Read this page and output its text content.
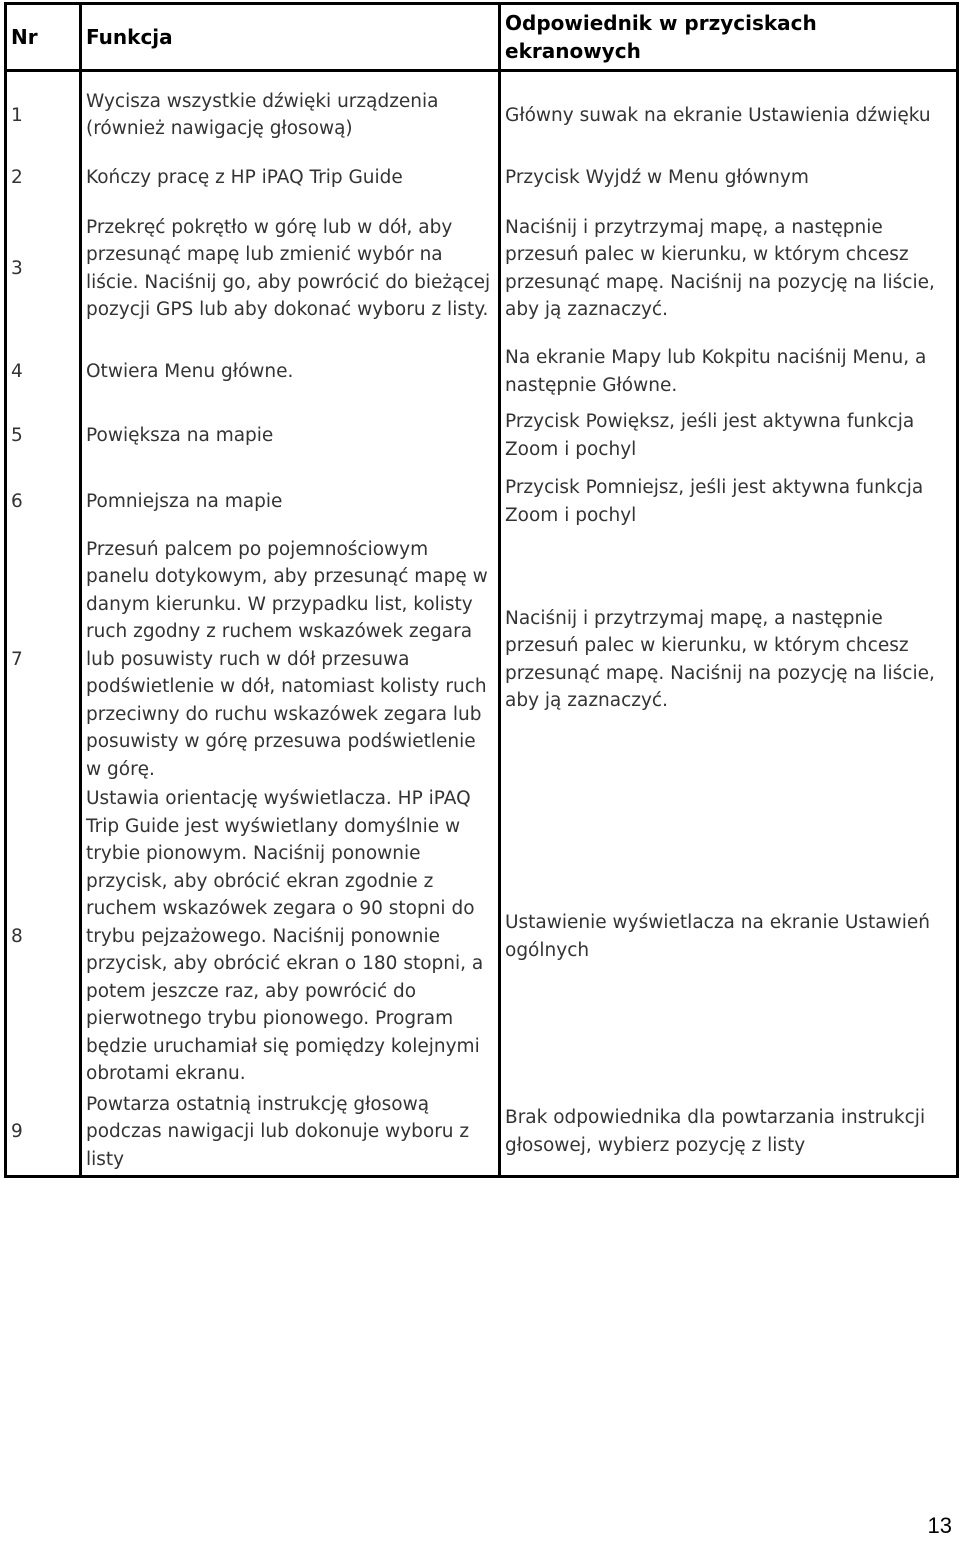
Nr	Funkcja	Odpowiednik w przyciskach ekranowych
1	Wycisza wszystkie dźwięki urządzenia (również nawigację głosową)	Główny suwak na ekranie Ustawienia dźwięku
2	Kończy pracę z HP iPAQ Trip Guide	Przycisk Wyjdź w Menu głównym
3	Przekręć pokrętło w górę lub w dół, aby przesunąć mapę lub zmienić wybór na liście. Naciśnij go, aby powrócić do bieżącej pozycji GPS lub aby dokonać wyboru z listy.	Naciśnij i przytrzymaj mapę, a następnie przesuń palec w kierunku, w którym chcesz przesunąć mapę. Naciśnij na pozycję na liście, aby ją zaznaczyć.
4	Otwiera Menu główne.	Na ekranie Mapy lub Kokpitu naciśnij Menu, a następnie Główne.
5	Powiększa na mapie	Przycisk Powiększ, jeśli jest aktywna funkcja Zoom i pochyl
6	Pomniejsza na mapie	Przycisk Pomniejsz, jeśli jest aktywna funkcja Zoom i pochyl
7	Przesuń palcem po pojemnościowym panelu dotykowym, aby przesunąć mapę w danym kierunku. W przypadku list, kolisty ruch zgodny z ruchem wskazówek zegara lub posuwisty ruch w dół przesuwa podświetlenie w dół, natomiast kolisty ruch przeciwny do ruchu wskazówek zegara lub posuwisty w górę przesuwa podświetlenie w górę.	Naciśnij i przytrzymaj mapę, a następnie przesuń palec w kierunku, w którym chcesz przesunąć mapę. Naciśnij na pozycję na liście, aby ją zaznaczyć.
8	Ustawia orientację wyświetlacza. HP iPAQ Trip Guide jest wyświetlany domyślnie w trybie pionowym. Naciśnij ponownie przycisk, aby obrócić ekran zgodnie z ruchem wskazówek zegara o 90 stopni do trybu pejzażowego. Naciśnij ponownie przycisk, aby obrócić ekran o 180 stopni, a potem jeszcze raz, aby powrócić do pierwotnego trybu pionowego. Program będzie uruchamiał się pomiędzy kolejnymi obrotami ekranu.	Ustawienie wyświetlacza na ekranie Ustawień ogólnych
9	Powtarza ostatnią instrukcję głosową podczas nawigacji lub dokonuje wyboru z listy	Brak odpowiednika dla powtarzania instrukcji głosowej, wybierz pozycję z listy
13
